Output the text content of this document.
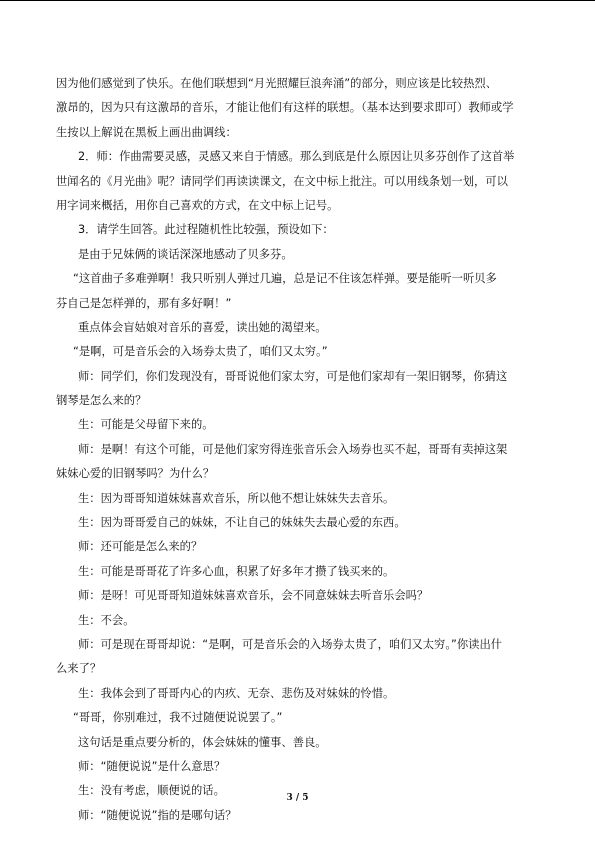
因为他们感觉到了快乐。在他们联想到“月光照耀巨浪奔涌”的部分，则应该是比较热烈、
激昂的，因为只有这激昂的音乐，才能让他们有这样的联想。（基本达到要求即可）教师或学
生按以上解说在黑板上画出曲调线：
2．师：作曲需要灵感，灵感又来自于情感。那么到底是什么原因让贝多芬创作了这首举
世闻名的《月光曲》呢？请同学们再读读课文，在文中标上批注。可以用线条划一划，可以
用字词来概括，用你自己喜欢的方式，在文中标上记号。
3．请学生回答。此过程随机性比较强，预设如下：
是由于兄妹俩的谈话深深地感动了贝多芬。
“这首曲子多难弹啊！我只听别人弹过几遍，总是记不住该怎样弹。要是能听一听贝多
芬自己是怎样弹的，那有多好啊！”
重点体会盲姑娘对音乐的喜爱，读出她的渴望来。
“是啊，可是音乐会的入场券太贵了，咱们又太穷。”
师：同学们，你们发现没有，哥哥说他们家太穷，可是他们家却有一架旧钢琴，你猜这
钢琴是怎么来的？
生：可能是父母留下来的。
师：是啊！有这个可能，可是他们家穷得连张音乐会入场券也买不起，哥哥有卖掉这架
妹妹心爱的旧钢琴吗？为什么？
生：因为哥哥知道妹妹喜欢音乐，所以他不想让妹妹失去音乐。
生：因为哥哥爱自己的妹妹，不让自己的妹妹失去最心爱的东西。
师：还可能是怎么来的？
生：可能是哥哥花了许多心血，积累了好多年才攒了钱买来的。
师：是呀！可见哥哥知道妹妹喜欢音乐，会不同意妹妹去听音乐会吗？
生：不会。
师：可是现在哥哥却说：“是啊，可是音乐会的入场券太贵了，咱们又太穷。”你读出什
么来了？
生：我体会到了哥哥内心的内疚、无奈、悲伤及对妹妹的怜惜。
“哥哥，你别难过，我不过随便说说罢了。”
这句话是重点要分析的，体会妹妹的懂事、善良。
师：“随便说说”是什么意思？
生：没有考虑，顺便说的话。
师：“随便说说”指的是哪句话？
3 / 5
